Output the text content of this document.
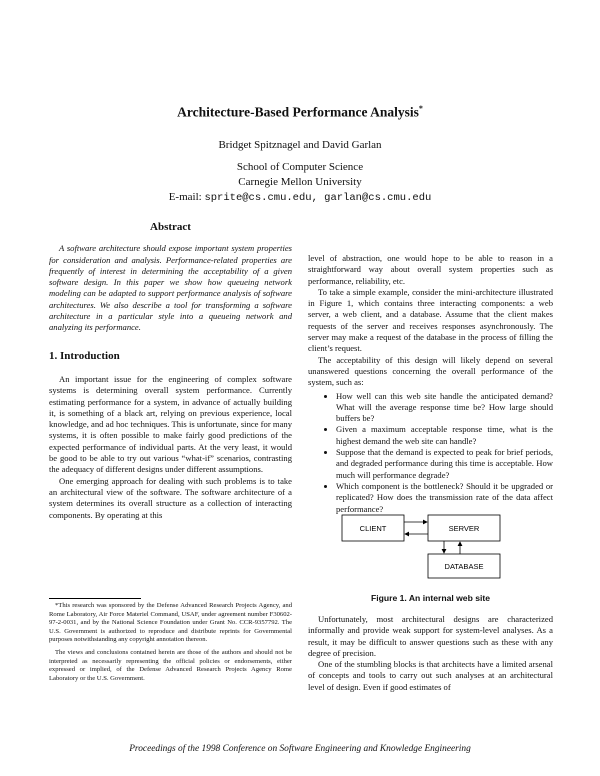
Architecture-Based Performance Analysis*
Bridget Spitznagel and David Garlan
School of Computer Science
Carnegie Mellon University
E-mail: sprite@cs.cmu.edu, garlan@cs.cmu.edu
Abstract

A software architecture should expose important system properties for consideration and analysis. Performance-related properties are frequently of interest in determining the acceptability of a given software design. In this paper we show how queueing network modeling can be adapted to support performance analysis of software architectures. We also describe a tool for transforming a software architecture in a particular style into a queueing network and analyzing its performance.

1. Introduction

An important issue for the engineering of complex software systems is determining overall system performance. Currently estimating performance for a system, in advance of actually building it, is something of a black art, relying on previous experience, local knowledge, and ad hoc techniques. This is unfortunate, since for many systems, it is often possible to make fairly good predictions of the expected performance of individual parts. At the very least, it would be good to be able to try out various “what-if” scenarios, contrasting the adequacy of different designs under different assumptions.

One emerging approach for dealing with such problems is to take an architectural view of the software. The software architecture of a system determines its overall structure as a collection of interacting components. By operating at this

*This research was sponsored by the Defense Advanced Research Projects Agency, and Rome Laboratory, Air Force Materiel Command, USAF, under agreement number F30602-97-2-0031, and by the National Science Foundation under Grant No. CCR-9357792. The U.S. Government is authorized to reproduce and distribute reprints for Governmental purposes notwithstanding any copyright annotation thereon.

The views and conclusions contained herein are those of the authors and should not be interpreted as necessarily representing the official policies or endorsements, either expressed or implied, of the Defense Advanced Research Projects Agency Rome Laboratory or the U.S. Government.

level of abstraction, one would hope to be able to reason in a straightforward way about overall system properties such as performance, reliability, etc.

To take a simple example, consider the mini-architecture illustrated in Figure 1, which contains three interacting components: a web server, a web client, and a database. Assume that the client makes requests of the server and receives responses asynchronously. The server may make a request of the database in the process of filling the client’s request.

The acceptability of this design will likely depend on several unanswered questions concerning the overall performance of the system, such as:

• How well can this web site handle the anticipated demand? What will the average response time be? How large should buffers be?
• Given a maximum acceptable response time, what is the highest demand the web site can handle?
• Suppose that the demand is expected to peak for brief periods, and degraded performance during this time is acceptable. How much will performance degrade?
• Which component is the bottleneck? Should it be upgraded or replicated? How does the transmission rate of the data affect performance?
CLIENT	SERVER
DATABASE
Figure 1. An internal web site

Unfortunately, most architectural designs are characterized informally and provide weak support for system-level analyses. As a result, it may be difficult to answer questions such as these with any degree of precision.

One of the stumbling blocks is that architects have a limited arsenal of concepts and tools to carry out such analyses at an architectural level of design. Even if good estimates of

Proceedings of the 1998 Conference on Software Engineering and Knowledge Engineering
